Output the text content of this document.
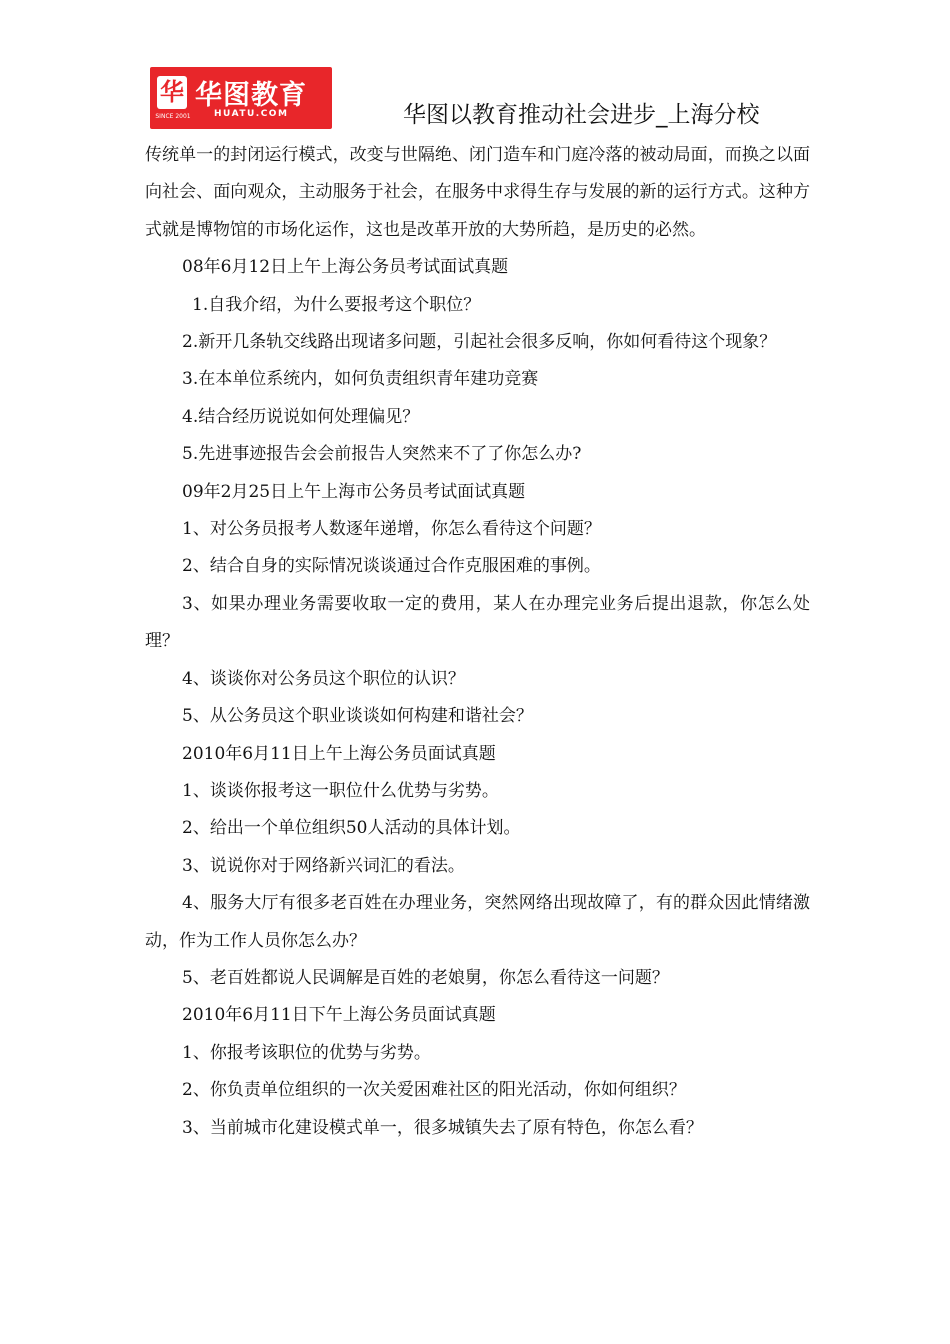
华
SINCE 2001
华图教育
HUATU.COM	华图以教育推动社会进步_上海分校

传统单一的封闭运行模式，改变与世隔绝、闭门造车和门庭冷落的被动局面，而换之以面向社会、面向观众，主动服务于社会，在服务中求得生存与发展的新的运行方式。这种方式就是博物馆的市场化运作，这也是改革开放的大势所趋，是历史的必然。

08年6月12日上午上海公务员考试面试真题

1.自我介绍，为什么要报考这个职位？

2.新开几条轨交线路出现诸多问题，引起社会很多反响，你如何看待这个现象？

3.在本单位系统内，如何负责组织青年建功竞赛

4.结合经历说说如何处理偏见？

5.先进事迹报告会会前报告人突然来不了了你怎么办?

09年2月25日上午上海市公务员考试面试真题

1、对公务员报考人数逐年递增，你怎么看待这个问题？

2、结合自身的实际情况谈谈通过合作克服困难的事例。

3、如果办理业务需要收取一定的费用，某人在办理完业务后提出退款，你怎么处理？

4、谈谈你对公务员这个职位的认识？

5、从公务员这个职业谈谈如何构建和谐社会？

2010年6月11日上午上海公务员面试真题

1、谈谈你报考这一职位什么优势与劣势。

2、给出一个单位组织50人活动的具体计划。

3、说说你对于网络新兴词汇的看法。

4、服务大厅有很多老百姓在办理业务，突然网络出现故障了，有的群众因此情绪激动，作为工作人员你怎么办？

5、老百姓都说人民调解是百姓的老娘舅，你怎么看待这一问题？

2010年6月11日下午上海公务员面试真题

1、你报考该职位的优势与劣势。

2、你负责单位组织的一次关爱困难社区的阳光活动，你如何组织？

3、当前城市化建设模式单一，很多城镇失去了原有特色，你怎么看？
